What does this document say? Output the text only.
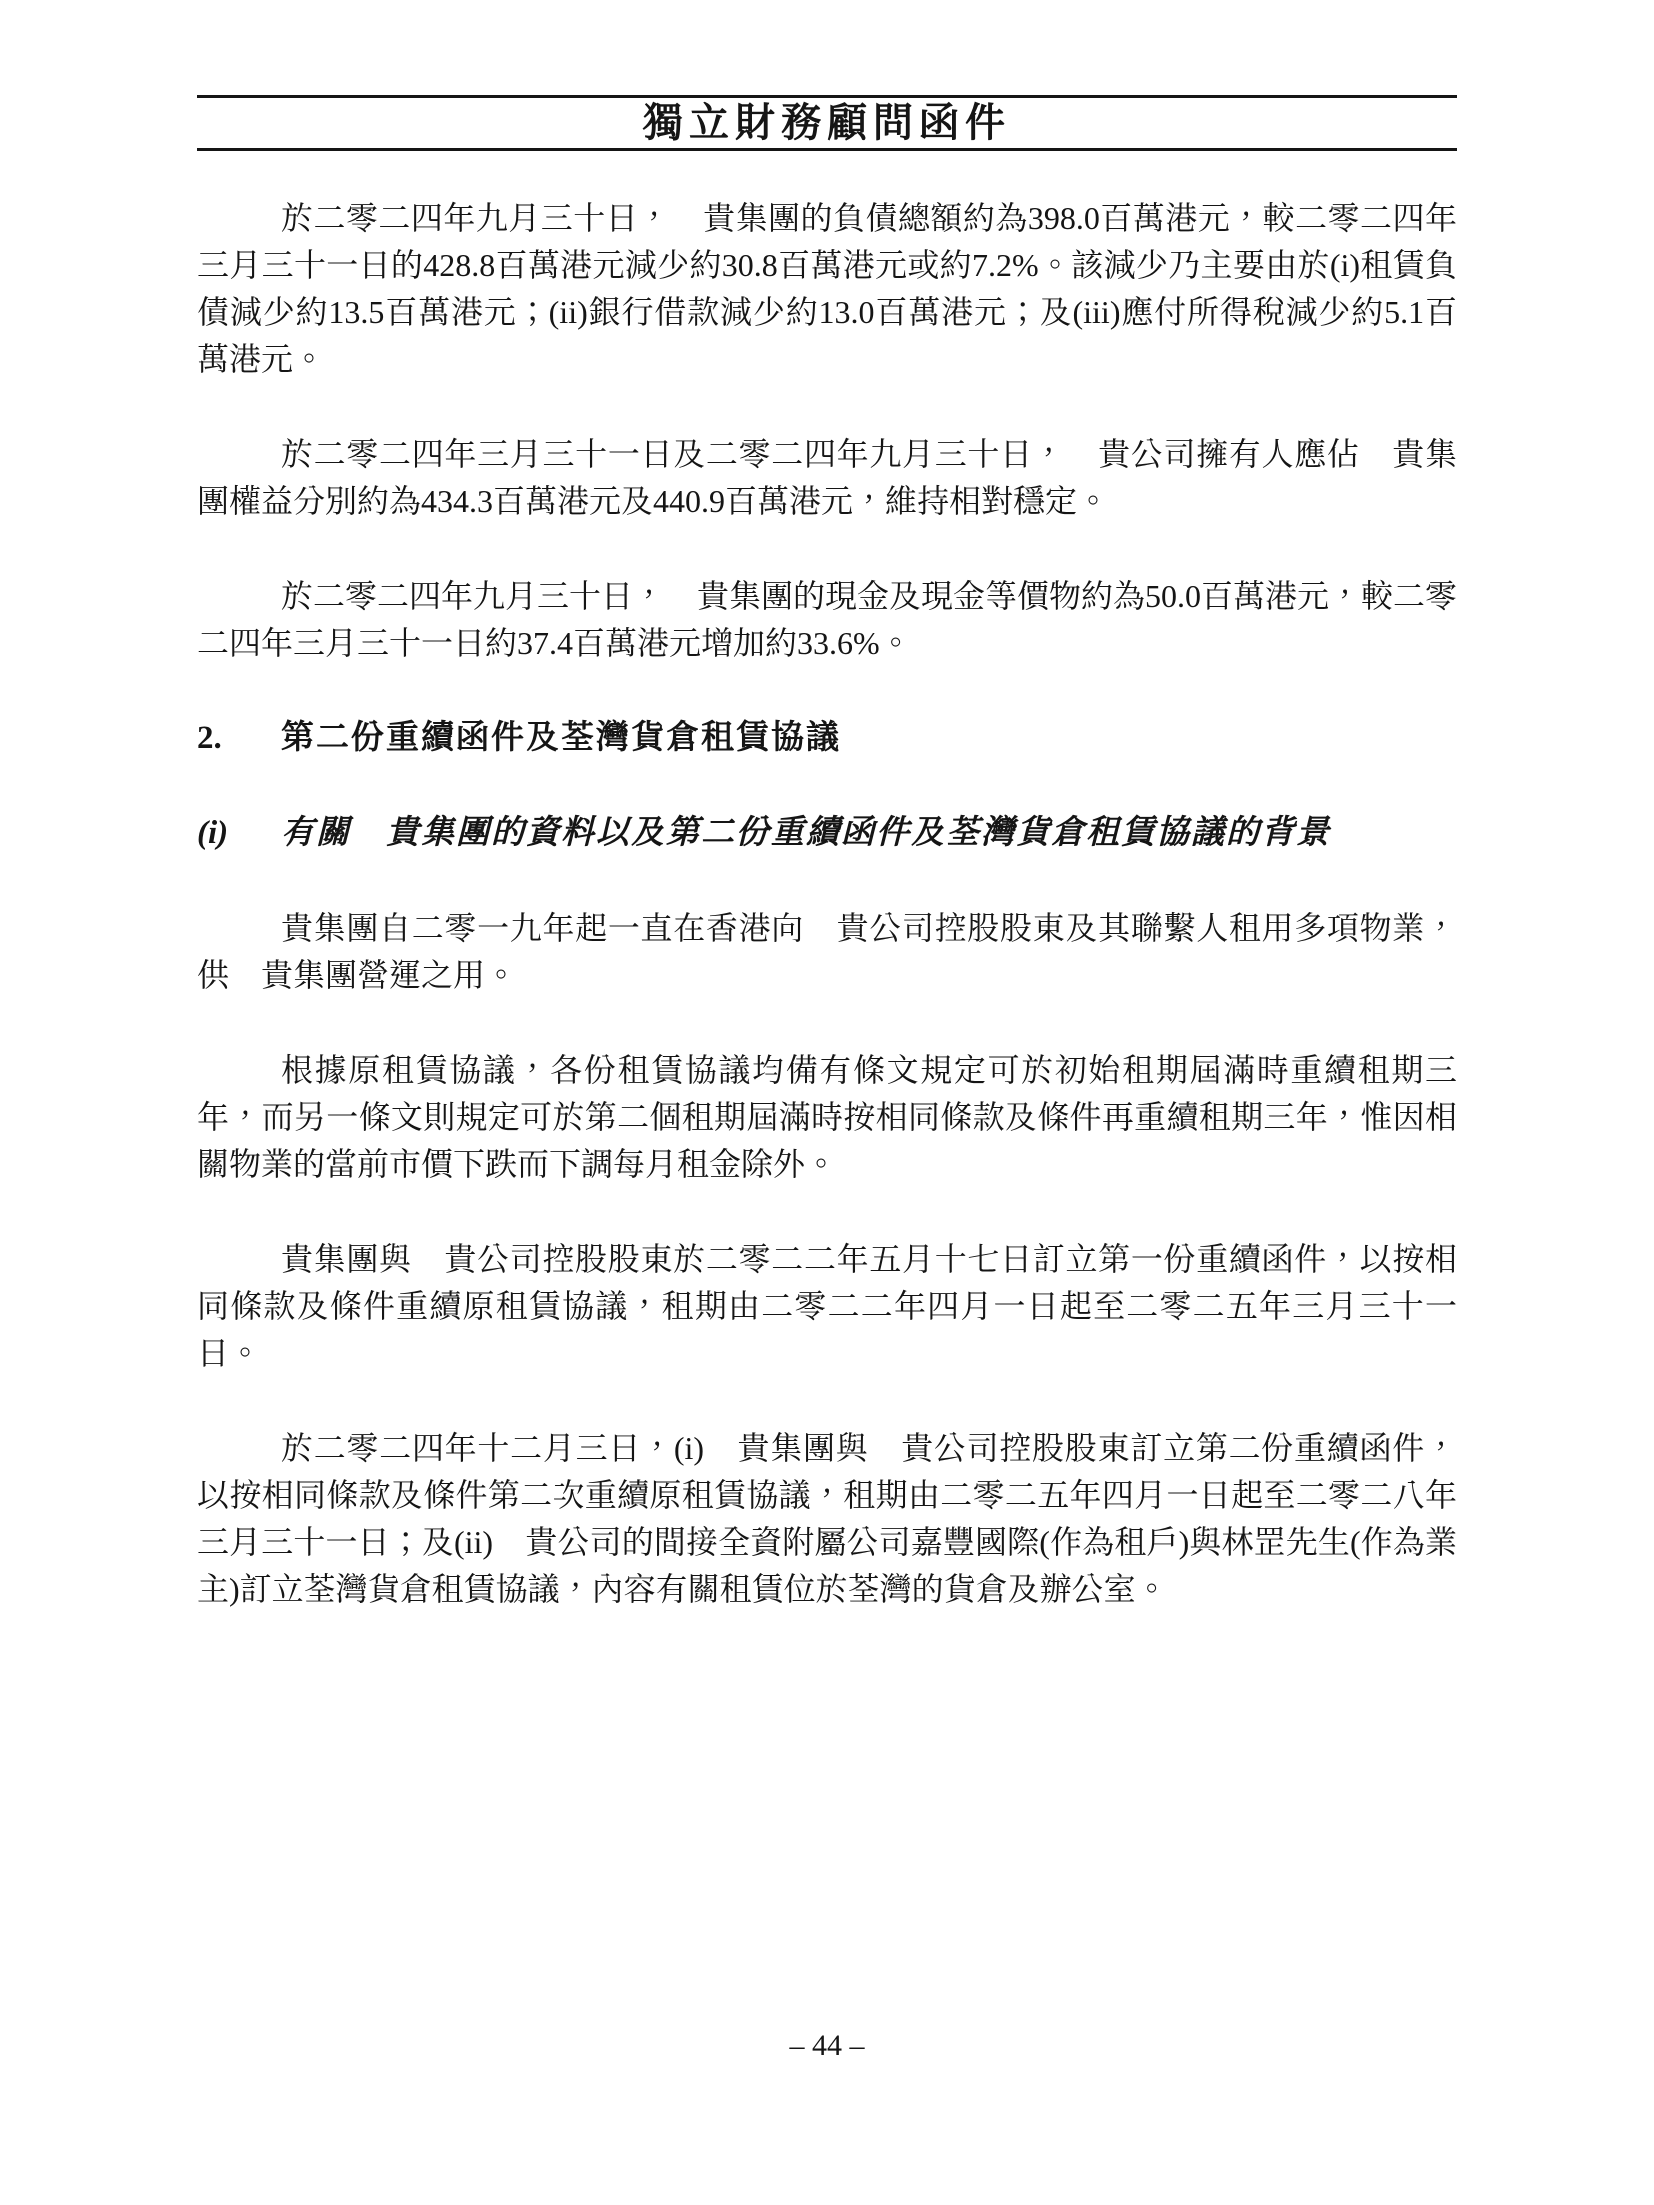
獨立財務顧問函件

於二零二四年九月三十日，　貴集團的負債總額約為398.0百萬港元，較二零二四年三月三十一日的428.8百萬港元減少約30.8百萬港元或約7.2%。該減少乃主要由於(i)租賃負債減少約13.5百萬港元；(ii)銀行借款減少約13.0百萬港元；及(iii)應付所得稅減少約5.1百萬港元。

於二零二四年三月三十一日及二零二四年九月三十日，　貴公司擁有人應佔　貴集團權益分別約為434.3百萬港元及440.9百萬港元，維持相對穩定。

於二零二四年九月三十日，　貴集團的現金及現金等價物約為50.0百萬港元，較二零二四年三月三十一日約37.4百萬港元增加約33.6%。

2.	第二份重續函件及荃灣貨倉租賃協議
(i)	有關　貴集團的資料以及第二份重續函件及荃灣貨倉租賃協議的背景

貴集團自二零一九年起一直在香港向　貴公司控股股東及其聯繫人租用多項物業，供　貴集團營運之用。

根據原租賃協議，各份租賃協議均備有條文規定可於初始租期屆滿時重續租期三年，而另一條文則規定可於第二個租期屆滿時按相同條款及條件再重續租期三年，惟因相關物業的當前市價下跌而下調每月租金除外。

貴集團與　貴公司控股股東於二零二二年五月十七日訂立第一份重續函件，以按相同條款及條件重續原租賃協議，租期由二零二二年四月一日起至二零二五年三月三十一日。

於二零二四年十二月三日，(i)　貴集團與　貴公司控股股東訂立第二份重續函件，以按相同條款及條件第二次重續原租賃協議，租期由二零二五年四月一日起至二零二八年三月三十一日；及(ii)　貴公司的間接全資附屬公司嘉豐國際(作為租戶)與林罡先生(作為業主)訂立荃灣貨倉租賃協議，內容有關租賃位於荃灣的貨倉及辦公室。

– 44 –
